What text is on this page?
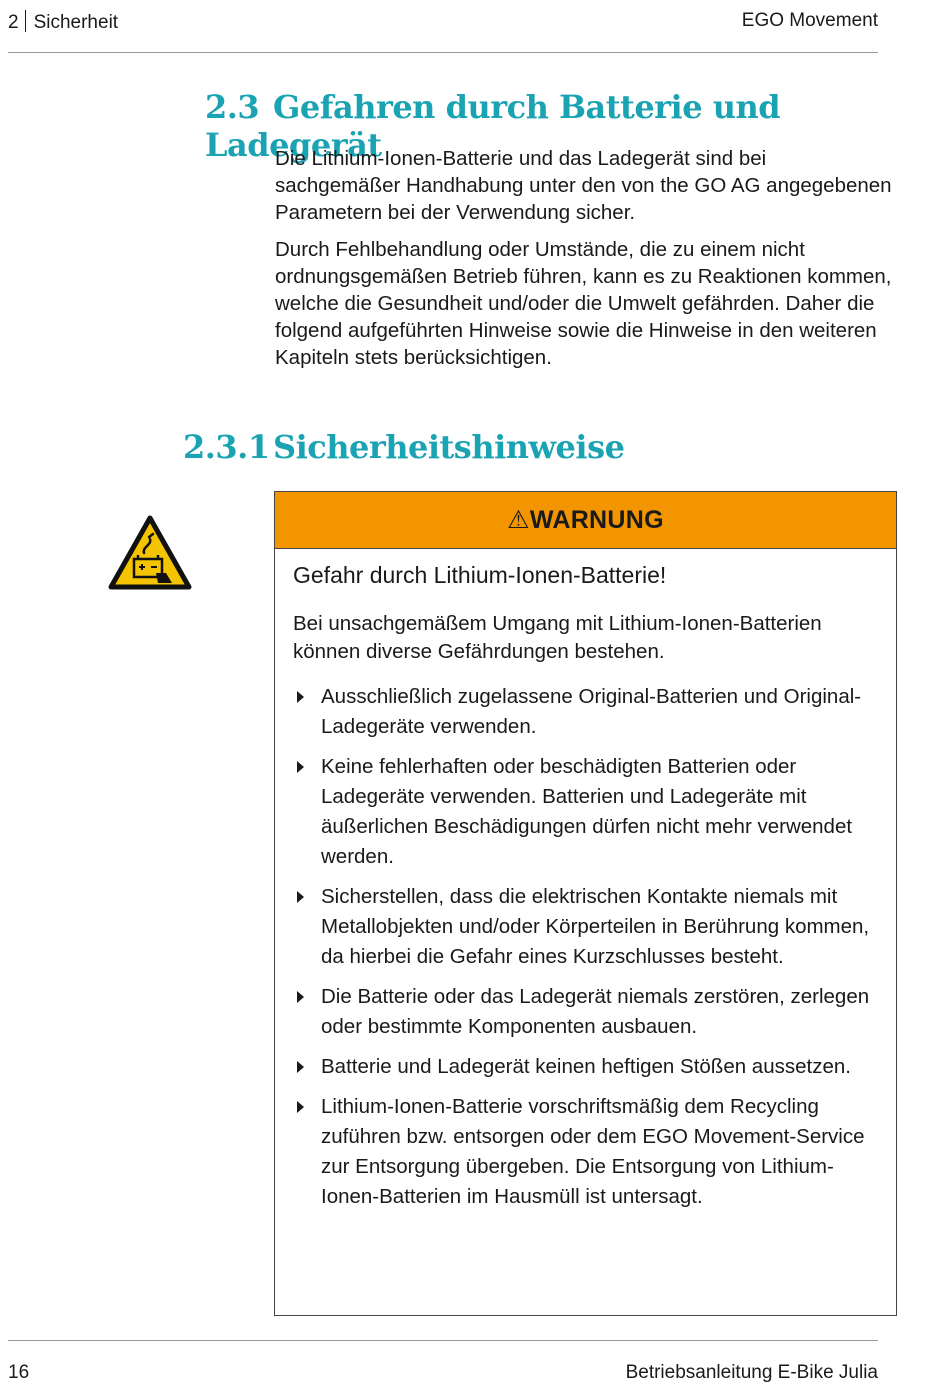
2 Sicherheit	EGO Movement
2.3 Gefahren durch Batterie und Ladegerät

Die Lithium-Ionen-Batterie und das Ladegerät sind bei sachgemäßer Handhabung unter den von the GO AG angegebenen Parametern bei der Verwendung sicher.

Durch Fehlbehandlung oder Umstände, die zu einem nicht ordnungsgemäßen Betrieb führen, kann es zu Reaktionen kommen, welche die Gesundheit und/oder die Umwelt gefährden. Daher die folgend aufgeführten Hinweise sowie die Hinweise in den weiteren Kapiteln stets berücksichtigen.

2.3.1 Sicherheitshinweise
⚠ WARNUNG
Gefahr durch Lithium-Ionen-Batterie!

Bei unsachgemäßem Umgang mit Lithium-Ionen-Batterien können diverse Gefährdungen bestehen.

Ausschließlich zugelassene Original-Batterien und Original-Ladegeräte verwenden.
Keine fehlerhaften oder beschädigten Batterien oder Ladegeräte verwenden. Batterien und Ladegeräte mit äußerlichen Beschädigungen dürfen nicht mehr verwendet werden.
Sicherstellen, dass die elektrischen Kontakte niemals mit Metallobjekten und/oder Körperteilen in Berührung kommen, da hierbei die Gefahr eines Kurzschlusses besteht.
Die Batterie oder das Ladegerät niemals zerstören, zerlegen oder bestimmte Komponenten ausbauen.
Batterie und Ladegerät keinen heftigen Stößen aussetzen.
Lithium-Ionen-Batterie vorschriftsmäßig dem Recycling zuführen bzw. entsorgen oder dem EGO Movement-Service zur Entsorgung übergeben. Die Entsorgung von Lithium-Ionen-Batterien im Hausmüll ist untersagt.
16	Betriebsanleitung E-Bike Julia
